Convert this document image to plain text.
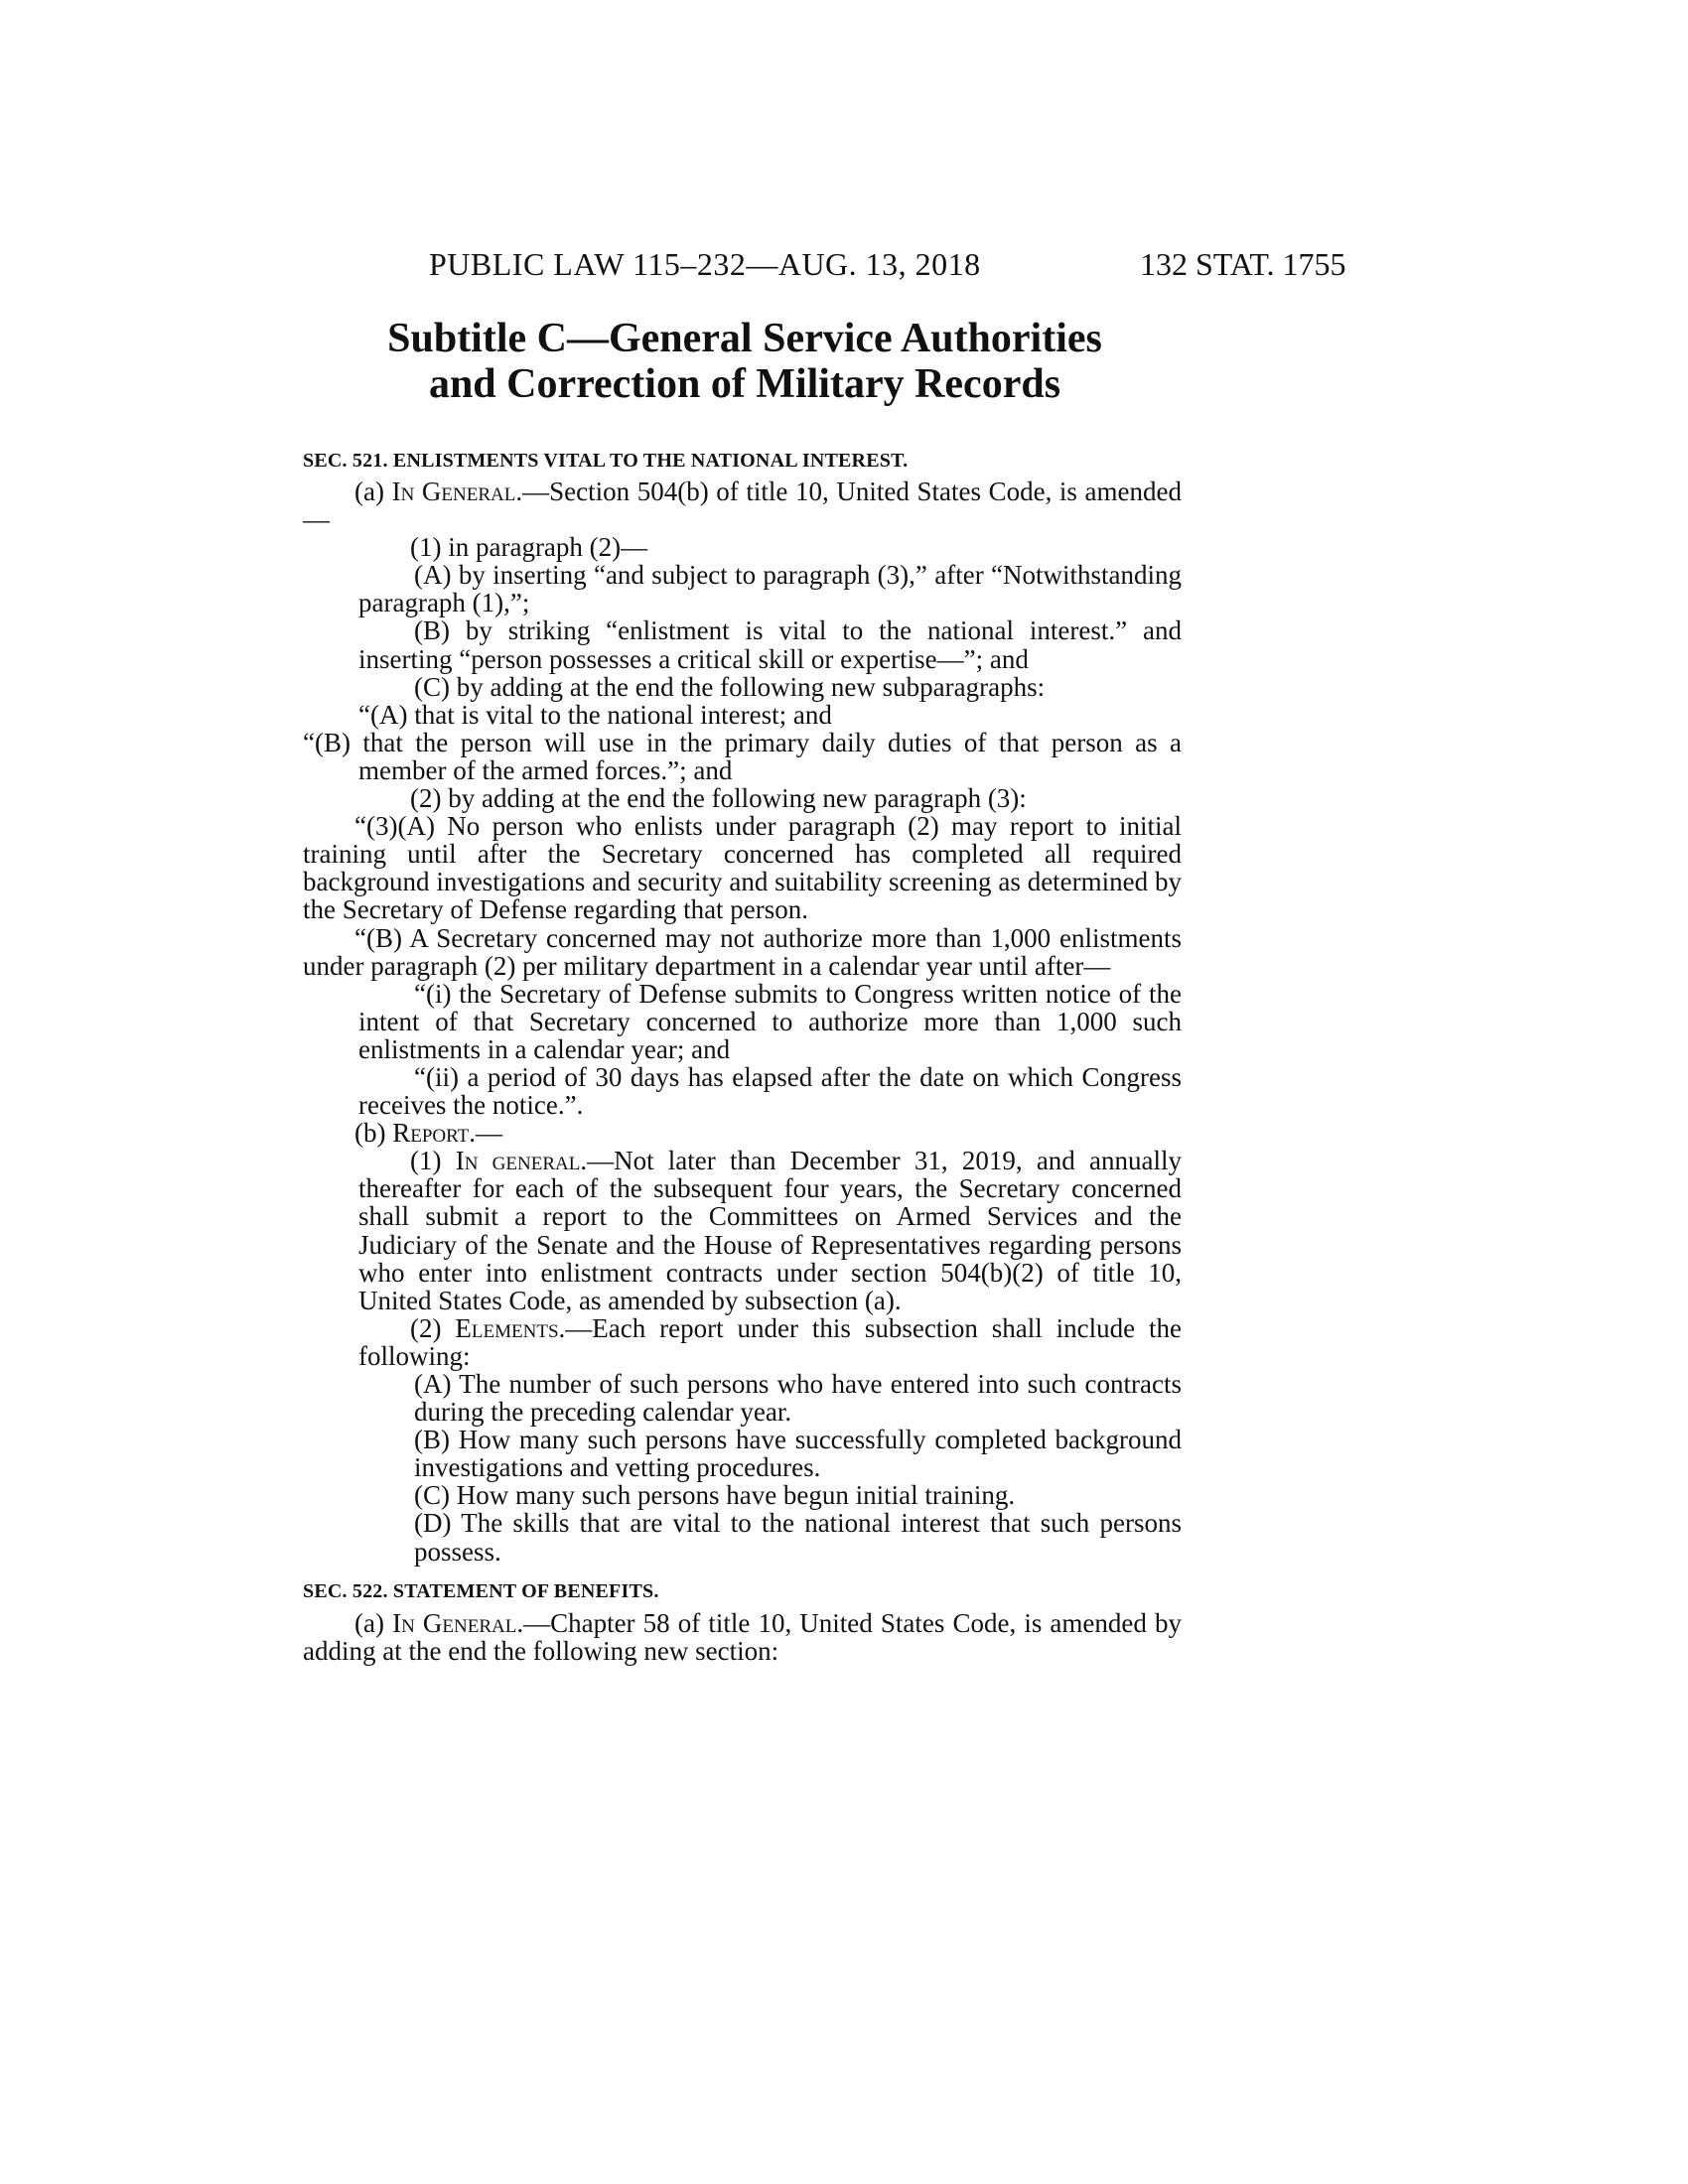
PUBLIC LAW 115–232—AUG. 13, 2018	132 STAT. 1755
Subtitle C—General Service Authorities
and Correction of Military Records
SEC. 521. ENLISTMENTS VITAL TO THE NATIONAL INTEREST.

(a) In General.—Section 504(b) of title 10, United States Code, is amended—

(1) in paragraph (2)—

(A) by inserting “and subject to paragraph (3),” after “Notwithstanding paragraph (1),”;

(B) by striking “enlistment is vital to the national interest.” and inserting “person possesses a critical skill or expertise—”; and

(C) by adding at the end the following new subparagraphs:

“(A) that is vital to the national interest; and

“(B) that the person will use in the primary daily duties of that person as a member of the armed forces.”; and

(2) by adding at the end the following new paragraph (3):

“(3)(A) No person who enlists under paragraph (2) may report to initial training until after the Secretary concerned has completed all required background investigations and security and suitability screening as determined by the Secretary of Defense regarding that person.

“(B) A Secretary concerned may not authorize more than 1,000 enlistments under paragraph (2) per military department in a calendar year until after—

“(i) the Secretary of Defense submits to Congress written notice of the intent of that Secretary concerned to authorize more than 1,000 such enlistments in a calendar year; and

“(ii) a period of 30 days has elapsed after the date on which Congress receives the notice.”.

(b) Report.—

(1) In general.—Not later than December 31, 2019, and annually thereafter for each of the subsequent four years, the Secretary concerned shall submit a report to the Committees on Armed Services and the Judiciary of the Senate and the House of Representatives regarding persons who enter into enlistment contracts under section 504(b)(2) of title 10, United States Code, as amended by subsection (a).

(2) Elements.—Each report under this subsection shall include the following:

(A) The number of such persons who have entered into such contracts during the preceding calendar year.

(B) How many such persons have successfully completed background investigations and vetting procedures.

(C) How many such persons have begun initial training.

(D) The skills that are vital to the national interest that such persons possess.

SEC. 522. STATEMENT OF BENEFITS.

(a) In General.—Chapter 58 of title 10, United States Code, is amended by adding at the end the following new section:
